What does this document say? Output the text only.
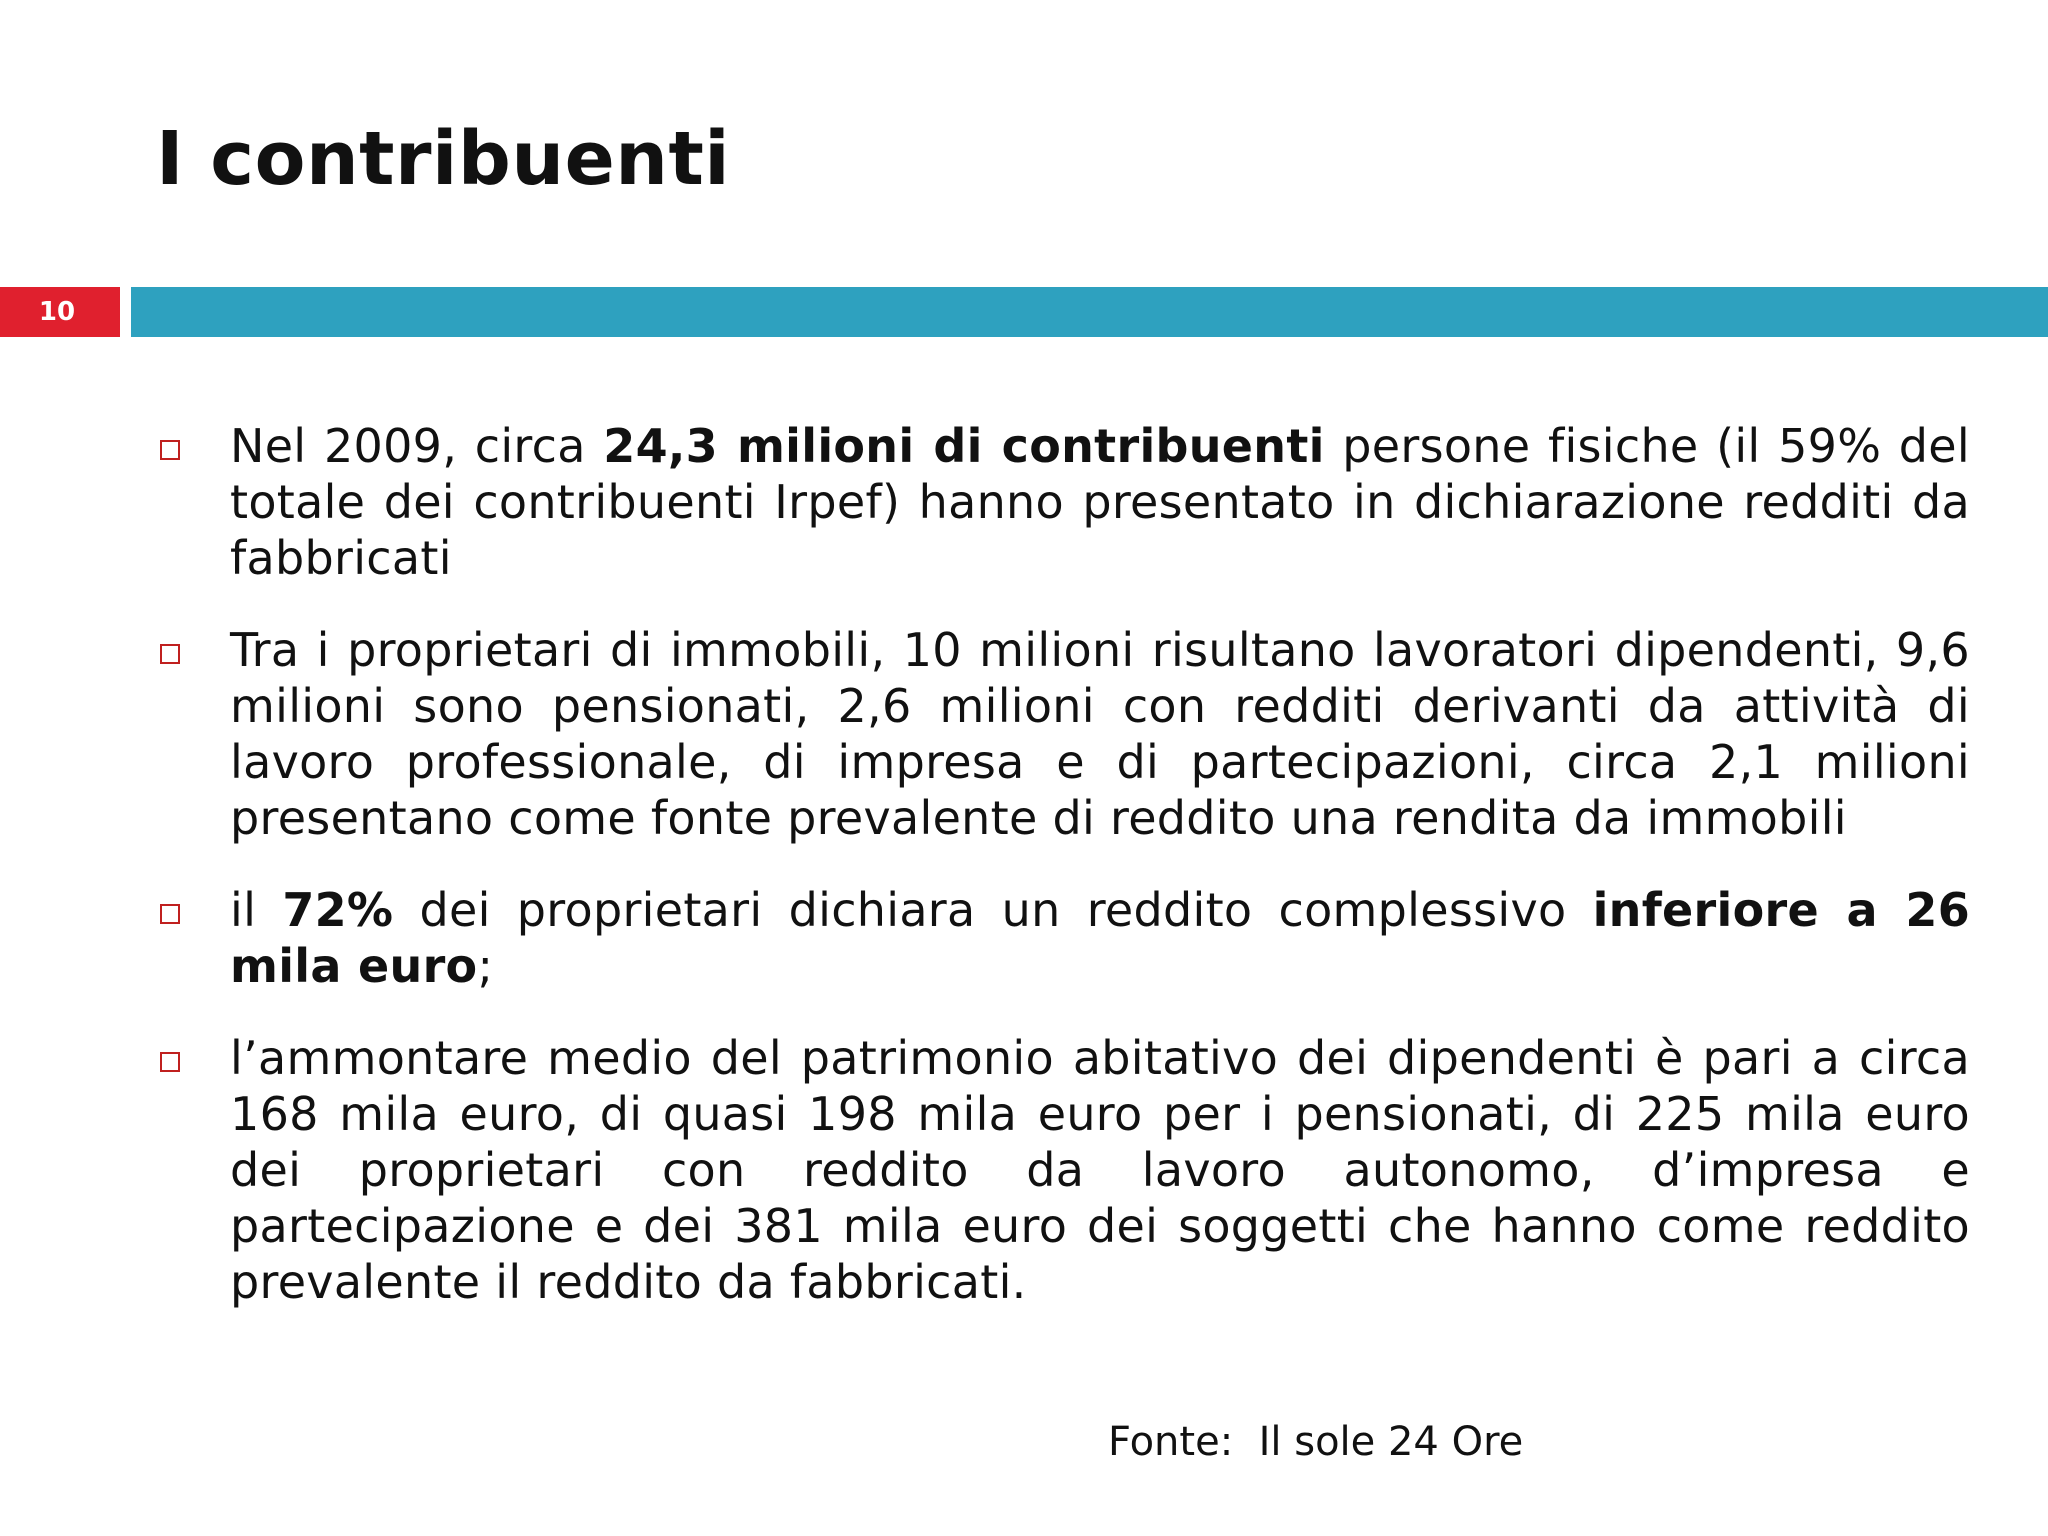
I contribuenti
10
Nel 2009, circa 24,3 milioni di contribuenti persone fisiche (il 59% del totale dei contribuenti Irpef) hanno presentato in dichiarazione redditi da fabbricati
Tra i proprietari di immobili, 10 milioni risultano lavoratori dipendenti, 9,6 milioni sono pensionati, 2,6 milioni con redditi derivanti da attività di lavoro professionale, di impresa e di partecipazioni, circa 2,1 milioni presentano come fonte prevalente di reddito una rendita da immobili
il 72% dei proprietari dichiara un reddito complessivo inferiore a 26 mila euro;
l’ammontare medio del patrimonio abitativo dei dipendenti è pari a circa 168 mila euro, di quasi 198 mila euro per i pensionati, di 225 mila euro dei proprietari con reddito da lavoro autonomo, d’impresa e partecipazione e dei 381 mila euro dei soggetti che hanno come reddito prevalente il reddito da fabbricati.
Fonte:  Il sole 24 Ore
